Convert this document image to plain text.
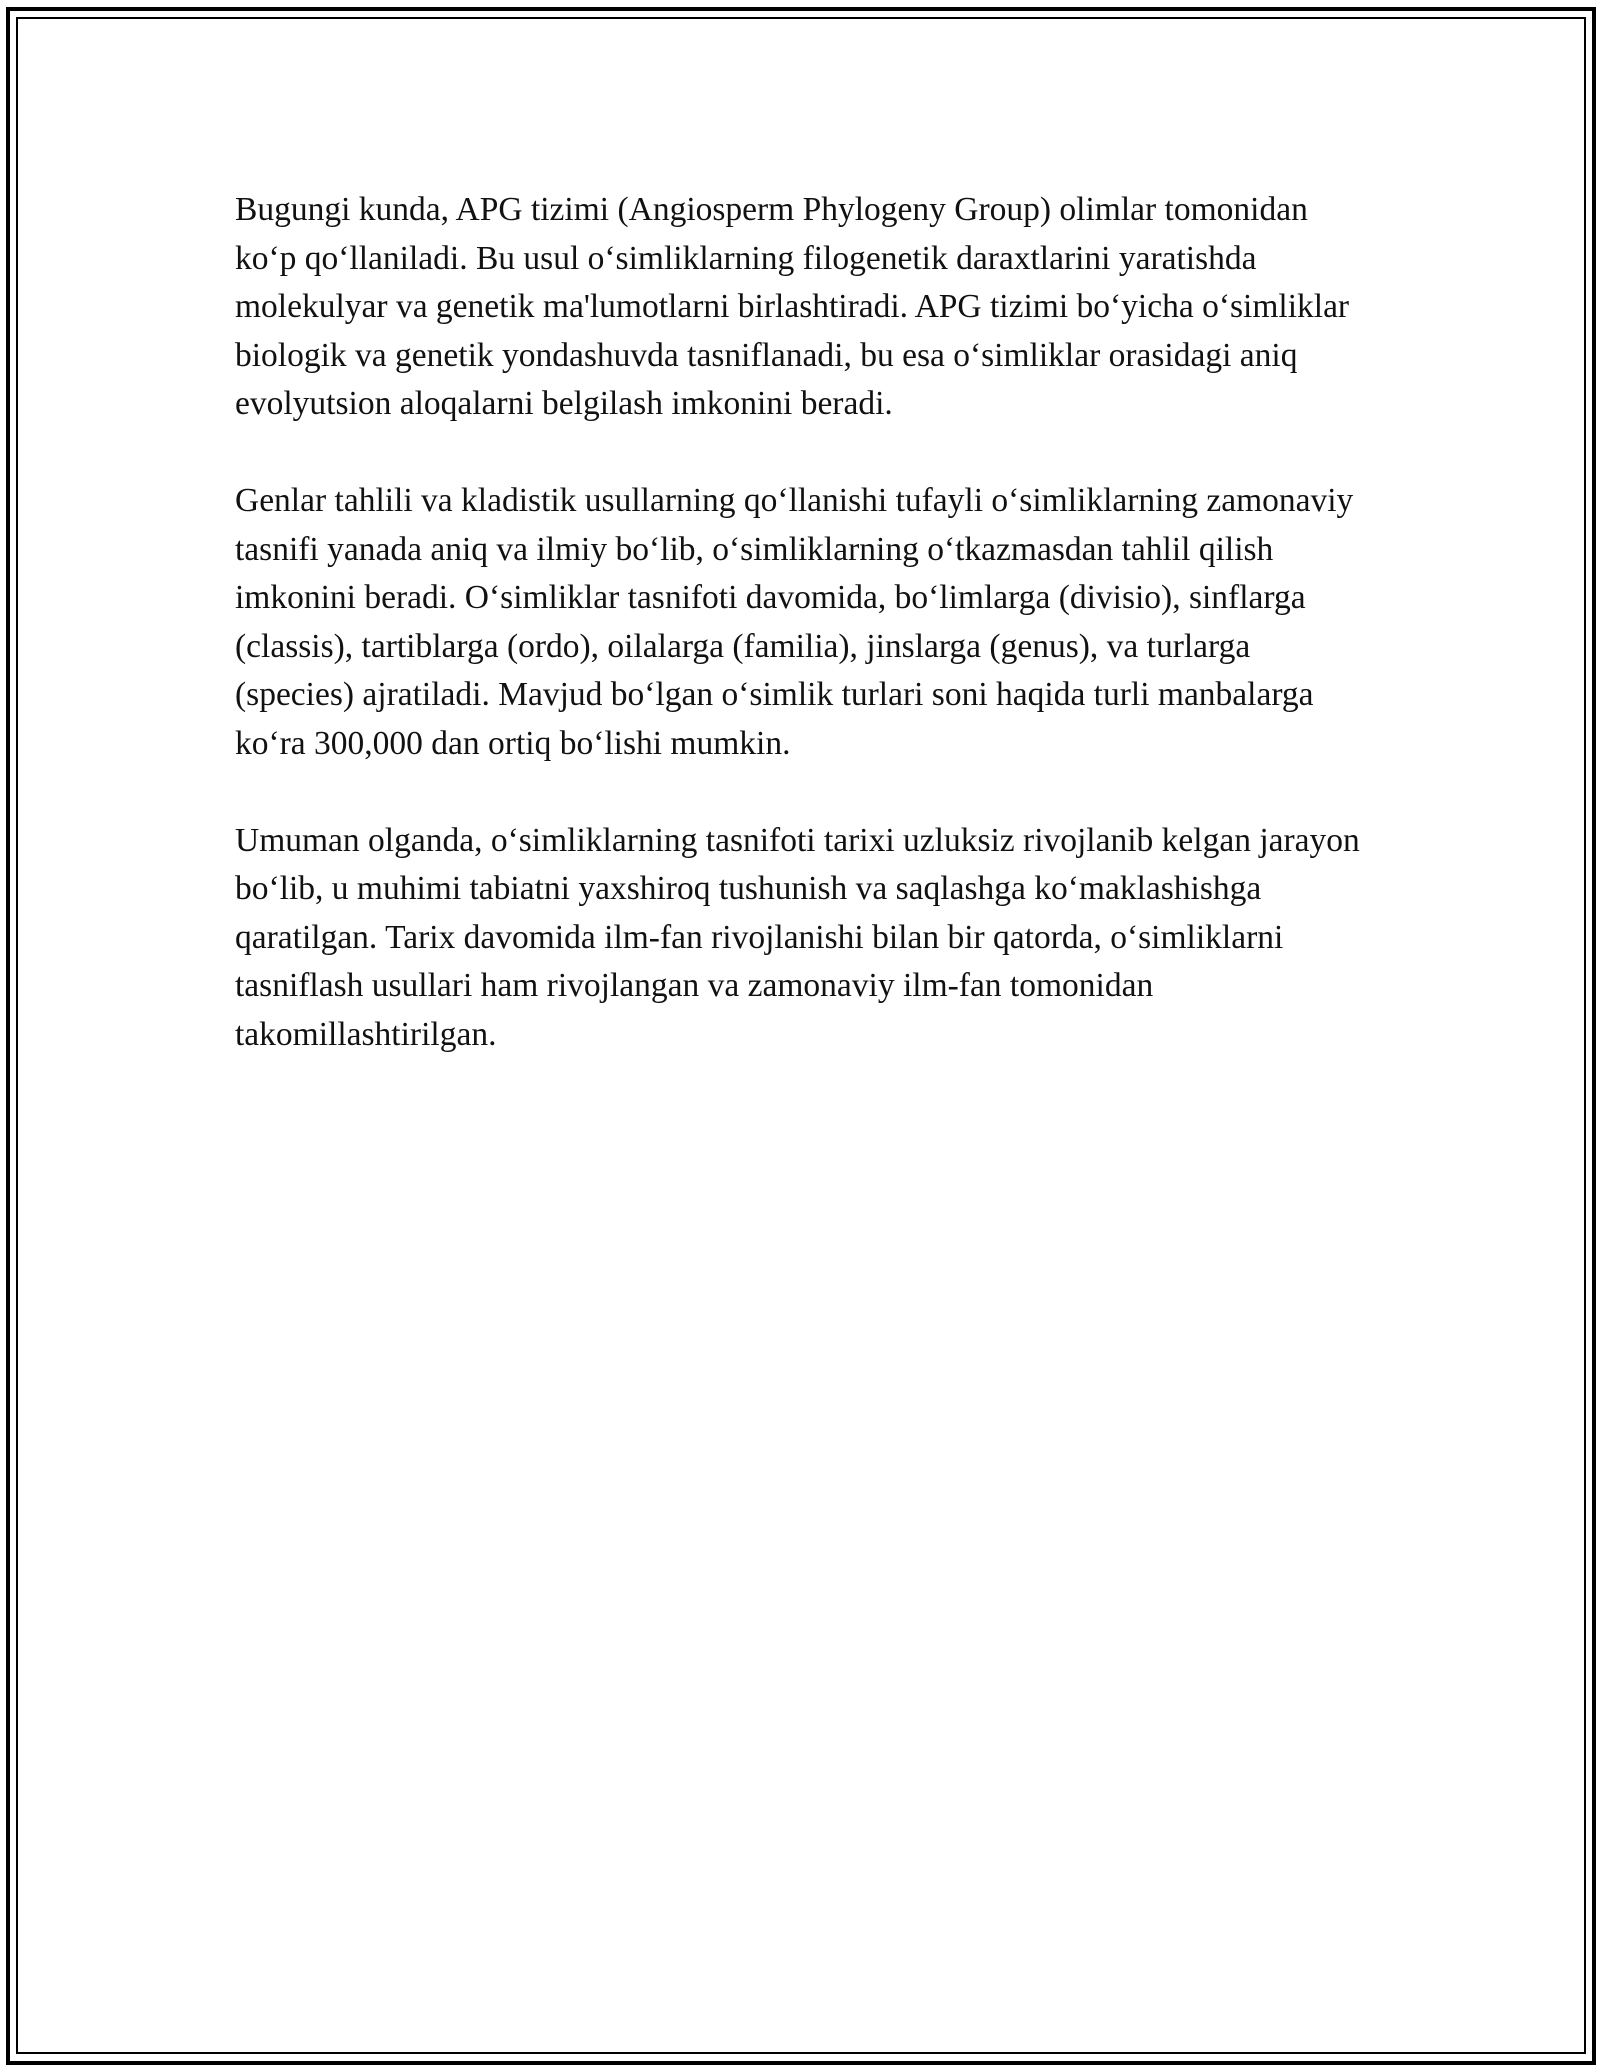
Bugungi kunda, APG tizimi (Angiosperm Phylogeny Group) olimlar tomonidan ko‘p qo‘llaniladi. Bu usul o‘simliklarning filogenetik daraxtlarini yaratishda molekulyar va genetik ma'lumotlarni birlashtiradi. APG tizimi bo‘yicha o‘simliklar biologik va genetik yondashuvda tasniflanadi, bu esa o‘simliklar orasidagi aniq evolyutsion aloqalarni belgilash imkonini beradi.

Genlar tahlili va kladistik usullarning qo‘llanishi tufayli o‘simliklarning zamonaviy tasnifi yanada aniq va ilmiy bo‘lib, o‘simliklarning o‘tkazmasdan tahlil qilish imkonini beradi. O‘simliklar tasnifoti davomida, bo‘limlarga (divisio), sinflarga (classis), tartiblarga (ordo), oilalarga (familia), jinslarga (genus), va turlarga (species) ajratiladi. Mavjud bo‘lgan o‘simlik turlari soni haqida turli manbalarga ko‘ra 300,000 dan ortiq bo‘lishi mumkin.

Umuman olganda, o‘simliklarning tasnifoti tarixi uzluksiz rivojlanib kelgan jarayon bo‘lib, u muhimi tabiatni yaxshiroq tushunish va saqlashga ko‘maklashishga qaratilgan. Tarix davomida ilm-fan rivojlanishi bilan bir qatorda, o‘simliklarni tasniflash usullari ham rivojlangan va zamonaviy ilm-fan tomonidan takomillashtirilgan.
